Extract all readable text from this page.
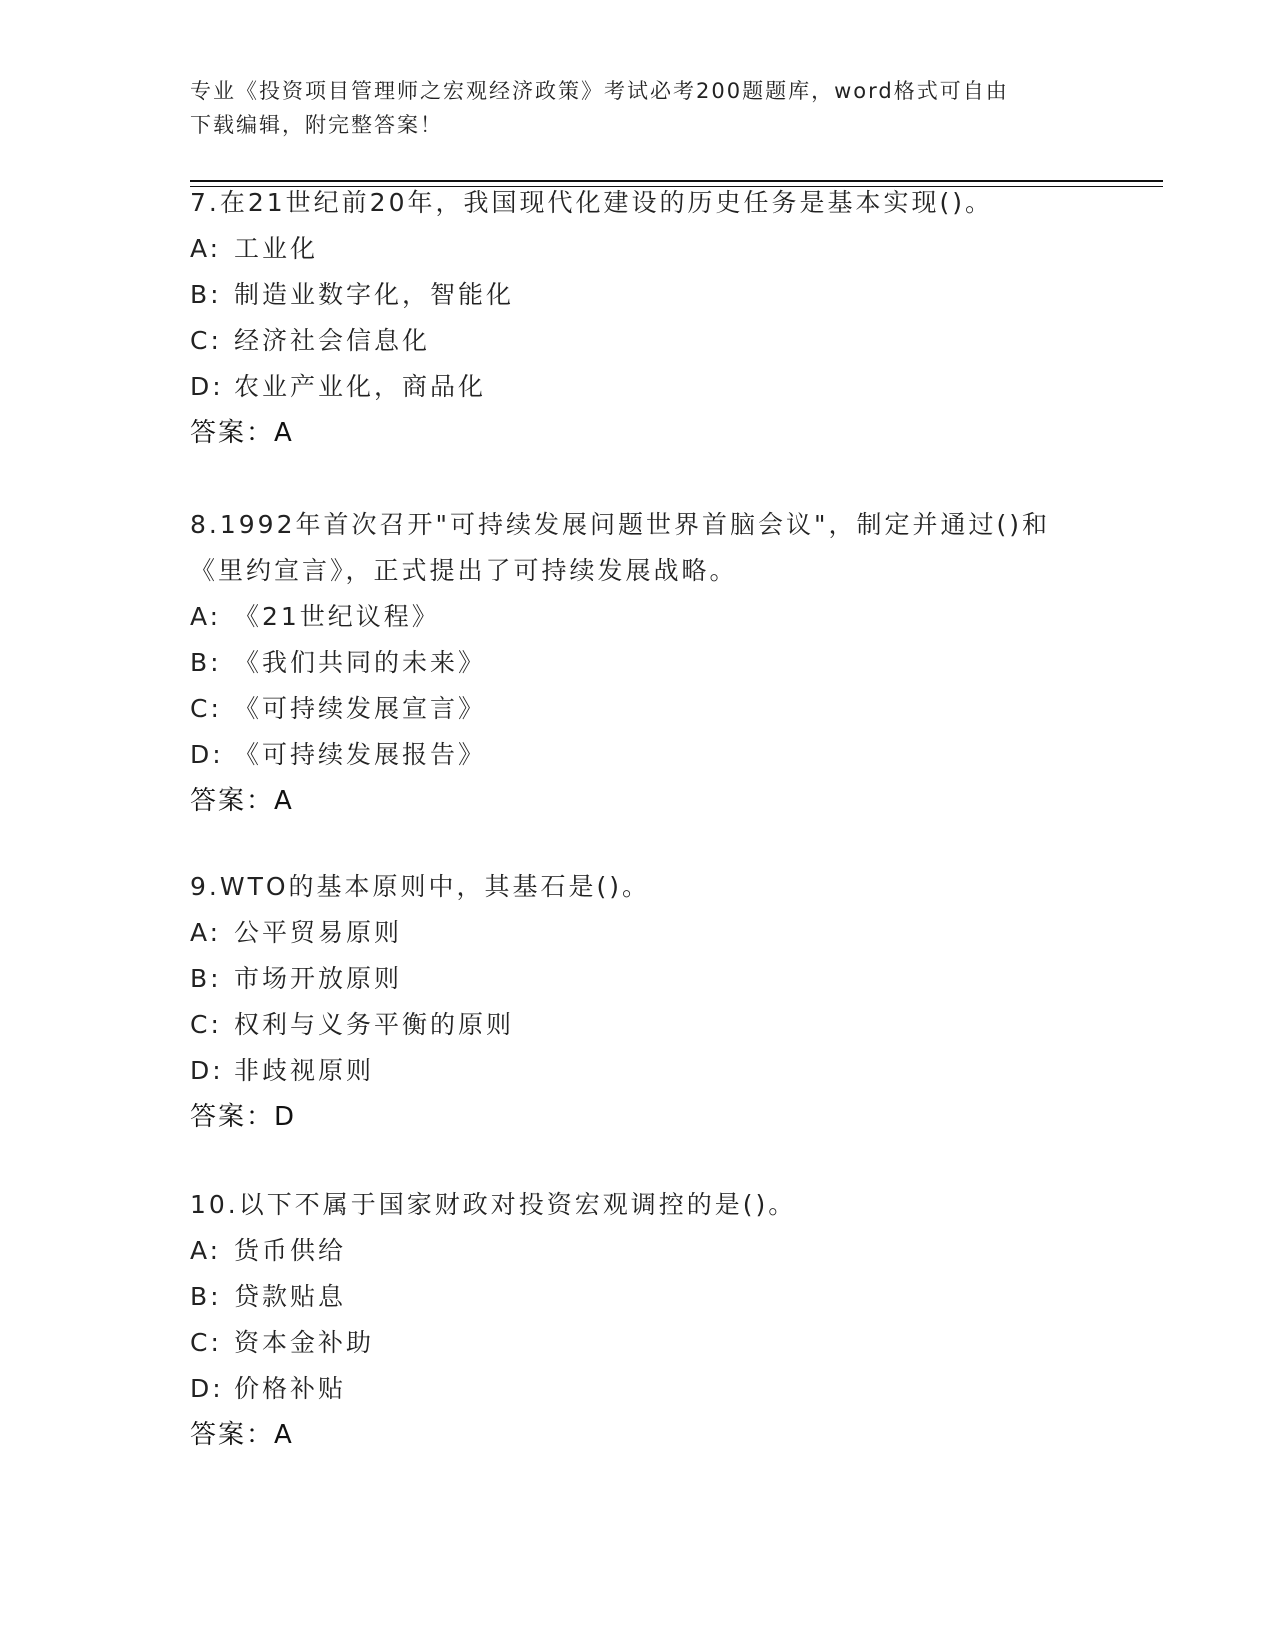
专业《投资项目管理师之宏观经济政策》考试必考200题题库，word格式可自由
下载编辑，附完整答案！

7.在21世纪前20年，我国现代化建设的历史任务是基本实现()。

A: 工业化

B: 制造业数字化，智能化

C: 经济社会信息化

D: 农业产业化，商品化

答案：A

8.1992年首次召开"可持续发展问题世界首脑会议"，制定并通过()和《里约宣言》，正式提出了可持续发展战略。

A: 《21世纪议程》

B: 《我们共同的未来》

C: 《可持续发展宣言》

D: 《可持续发展报告》

答案：A

9.WTO的基本原则中，其基石是()。

A: 公平贸易原则

B: 市场开放原则

C: 权利与义务平衡的原则

D: 非歧视原则

答案：D

10.以下不属于国家财政对投资宏观调控的是()。

A: 货币供给

B: 贷款贴息

C: 资本金补助

D: 价格补贴

答案：A
